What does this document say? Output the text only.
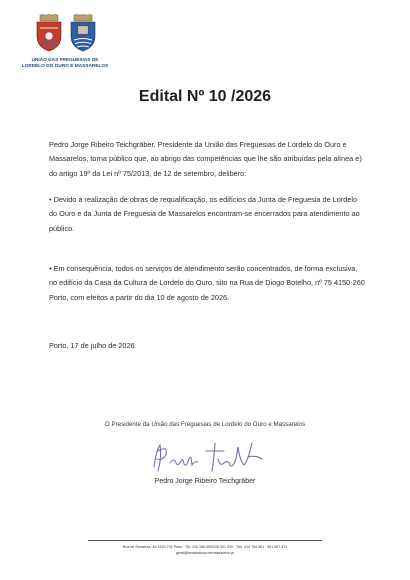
UNIÃO DAS FREGUESIAS DE
LORDELO DO OURO E MASSARELOS
Edital Nº 10 /2026

Pedro Jorge Ribeiro Teichgräber, Presidente da União das Freguesias de Lordelo do Ouro e Massarelos, torna público que, ao abrigo das competências que lhe são atribuídas pela alínea e) do artigo 19º da Lei nº 75/2013, de 12 de setembro, delibero:

• Devido à realização de obras de requalificação, os edifícios da Junta de Freguesia de Lordelo do Ouro e da Junta de Freguesia de Massarelos encontram-se encerrados para atendimento ao público.

• Em consequência, todos os serviços de atendimento serão concentrados, de forma exclusiva, no edifício da Casa da Cultura de Lordelo do Ouro, sito na Rua de Diogo Botelho, nº 75 4150-260 Porto, com efeitos a partir do dia 10 de agosto de 2026.

Porto, 17 de julho de 2026
O Presidente da União das Freguesias de Lordelo do Ouro e Massarelos
Pedro Jorge Ribeiro Teichgräber
Rua de Serralves, 81 4150-701 Porto · Tel. 226 160 300/226 001 000 · Tlm. 914 704 961 · 961 557 471
geral@lordelodoouroemassarelos.pt
